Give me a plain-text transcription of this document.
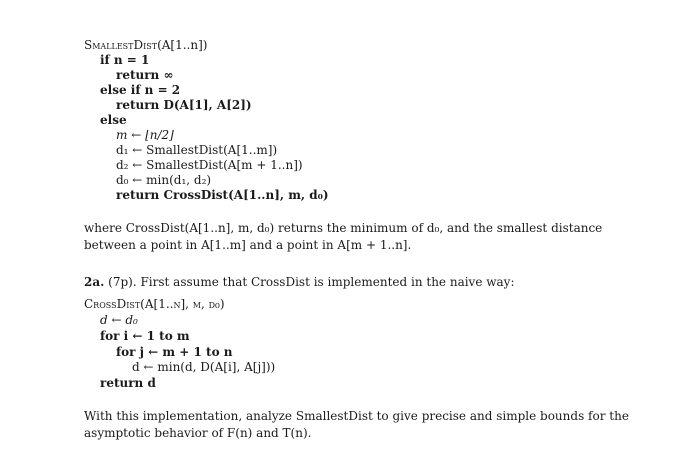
SmallestDist(A[1..n])
if n = 1
return ∞
else if n = 2
return D(A[1], A[2])
else
m ← ⌊n/2⌋
d₁ ← SmallestDist(A[1..m])
d₂ ← SmallestDist(A[m + 1..n])
d₀ ← min(d₁, d₂)
return CrossDist(A[1..n], m, d₀)
where CrossDist(A[1..n], m, d₀) returns the minimum of d₀, and the smallest distance between a point in A[1..m] and a point in A[m + 1..n].
2a. (7p). First assume that CrossDist is implemented in the naive way:
CrossDist(A[1..n], m, d₀)
d ← d₀
for i ← 1 to m
for j ← m + 1 to n
d ← min(d, D(A[i], A[j]))
return d
With this implementation, analyze SmallestDist to give precise and simple bounds for the asymptotic behavior of F(n) and T(n).
